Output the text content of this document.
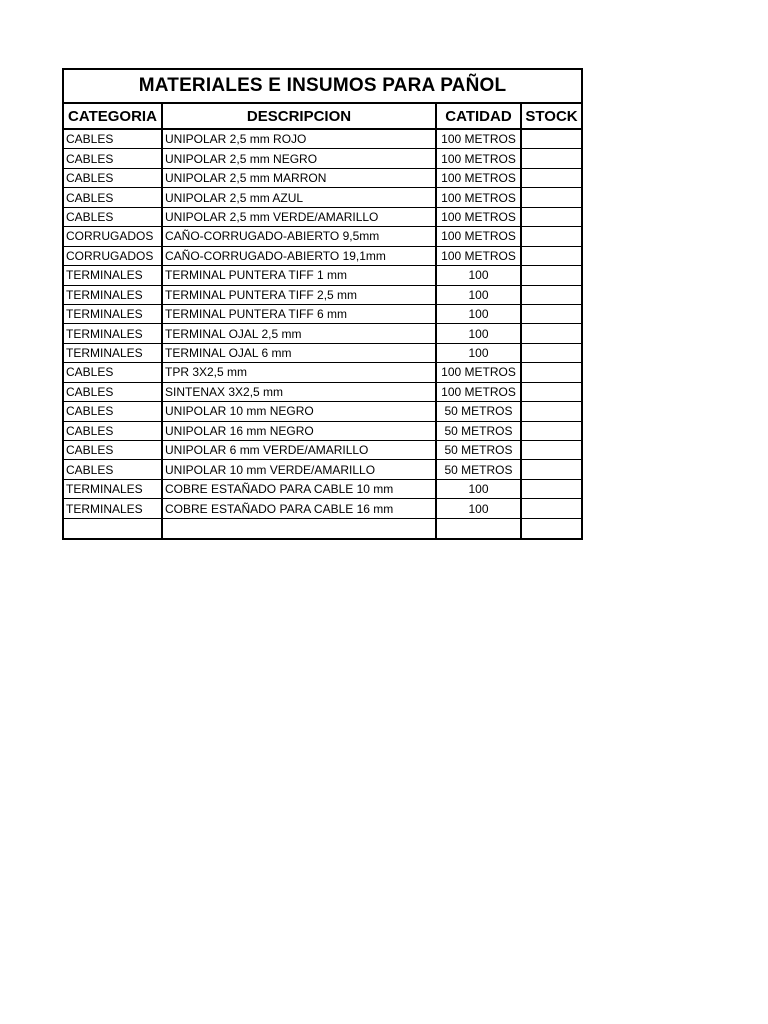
MATERIALES E INSUMOS PARA PAÑOL			
CATEGORIA	DESCRIPCION	CATIDAD	STOCK
CABLES	UNIPOLAR 2,5 mm ROJO	100 METROS	
CABLES	UNIPOLAR 2,5 mm NEGRO	100 METROS	
CABLES	UNIPOLAR 2,5 mm MARRON	100 METROS	
CABLES	UNIPOLAR 2,5 mm AZUL	100 METROS	
CABLES	UNIPOLAR 2,5 mm VERDE/AMARILLO	100 METROS	
CORRUGADOS	CAÑO-CORRUGADO-ABIERTO 9,5mm	100 METROS	
CORRUGADOS	CAÑO-CORRUGADO-ABIERTO 19,1mm	100 METROS	
TERMINALES	TERMINAL PUNTERA TIFF 1 mm	100	
TERMINALES	TERMINAL PUNTERA TIFF 2,5 mm	100	
TERMINALES	TERMINAL PUNTERA TIFF 6 mm	100	
TERMINALES	TERMINAL OJAL 2,5 mm	100	
TERMINALES	TERMINAL OJAL 6 mm	100	
CABLES	TPR 3X2,5 mm	100 METROS	
CABLES	SINTENAX 3X2,5 mm	100 METROS	
CABLES	UNIPOLAR 10 mm NEGRO	50 METROS	
CABLES	UNIPOLAR 16 mm NEGRO	50 METROS	
CABLES	UNIPOLAR 6 mm VERDE/AMARILLO	50 METROS	
CABLES	UNIPOLAR 10 mm VERDE/AMARILLO	50 METROS	
TERMINALES	COBRE ESTAÑADO PARA CABLE 10 mm	100	
TERMINALES	COBRE ESTAÑADO PARA CABLE 16 mm	100	
